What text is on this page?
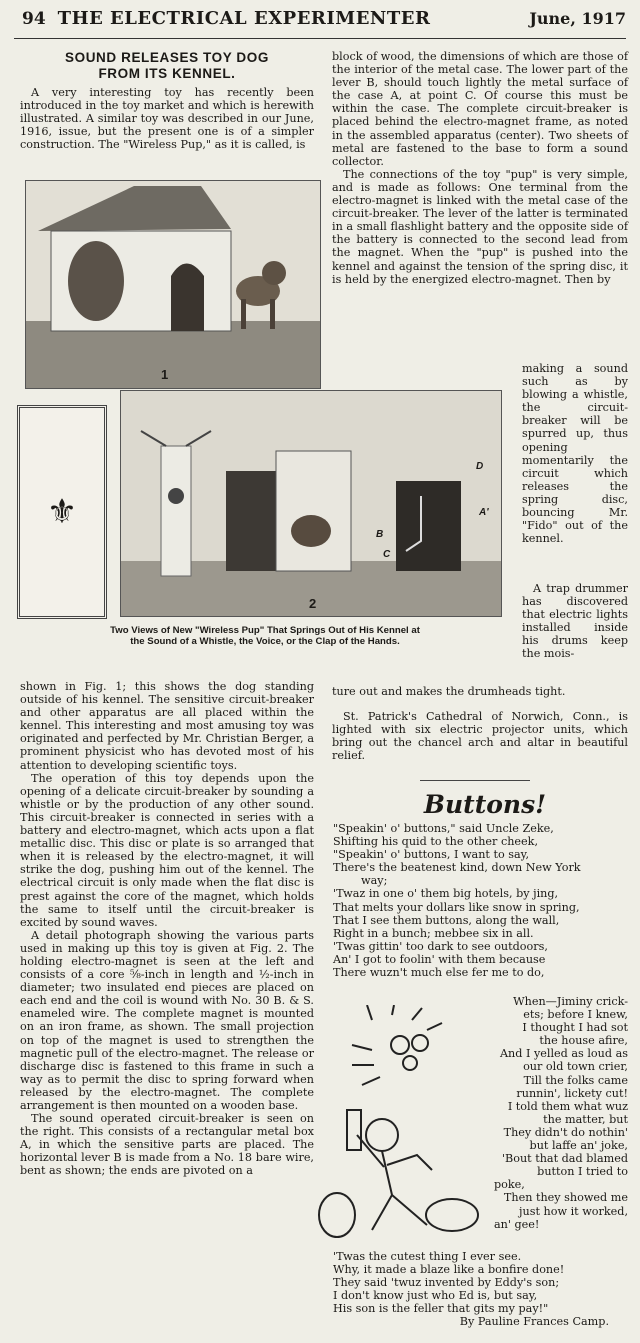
94 THE ELECTRICAL EXPERIMENTER	June, 1917
SOUND RELEASES TOY DOG
FROM ITS KENNEL.

A very interesting toy has recently been introduced in the toy market and which is herewith illustrated. A similar toy was described in our June, 1916, issue, but the present one is of a simpler construction. The "Wireless Pup," as it is called, is

block of wood, the dimensions of which are those of the interior of the metal case. The lower part of the lever B, should touch lightly the metal surface of the case A, at point C. Of course this must be within the case. The complete circuit-breaker is placed behind the electro-magnet frame, as noted in the assembled apparatus (center). Two sheets of metal are fastened to the base to form a sound collector.

The connections of the toy "pup" is very simple, and is made as follows: One terminal from the electro-magnet is linked with the metal case of the circuit-breaker. The lever of the latter is terminated in a small flashlight battery and the opposite side of the battery is connected to the second lead from the magnet. When the "pup" is pushed into the kennel and against the tension of the spring disc, it is held by the energized electro-magnet. Then by

making a sound such as by blowing a whistle, the circuit-breaker will be spurred up, thus opening momentarily the circuit which releases the spring disc, bouncing Mr. "Fido" out of the kennel.

A trap drummer has discovered that electric lights installed inside his drums keep the mois-

1
⚜
D
A'
B
C
2
Two Views of New "Wireless Pup" That Springs Out of His Kennel at the Sound of a Whistle, the Voice, or the Clap of the Hands.

shown in Fig. 1; this shows the dog standing outside of his kennel. The sensitive circuit-breaker and other apparatus are all placed within the kennel. This interesting and most amusing toy was originated and perfected by Mr. Christian Berger, a prominent physicist who has devoted most of his attention to developing scientific toys.

The operation of this toy depends upon the opening of a delicate circuit-breaker by sounding a whistle or by the production of any other sound. This circuit-breaker is connected in series with a battery and electro-magnet, which acts upon a flat metallic disc. This disc or plate is so arranged that when it is released by the electro-magnet, it will strike the dog, pushing him out of the kennel. The electrical circuit is only made when the flat disc is prest against the core of the magnet, which holds the same to itself until the circuit-breaker is excited by sound waves.

A detail photograph showing the various parts used in making up this toy is given at Fig. 2. The holding electro-magnet is seen at the left and consists of a core ⅝-inch in length and ½-inch in diameter; two insulated end pieces are placed on each end and the coil is wound with No. 30 B. & S. enameled wire. The complete magnet is mounted on an iron frame, as shown. The small projection on top of the magnet is used to strengthen the magnetic pull of the electro-magnet. The release or discharge disc is fastened to this frame in such a way as to permit the disc to spring forward when released by the electro-magnet. The complete arrangement is then mounted on a wooden base.

The sound operated circuit-breaker is seen on the right. This consists of a rectangular metal box A, in which the sensitive parts are placed. The horizontal lever B is made from a No. 18 bare wire, bent as shown; the ends are pivoted on a

ture out and makes the drumheads tight.

St. Patrick's Cathedral of Norwich, Conn., is lighted with six electric projector units, which bring out the chancel arch and altar in beautiful relief.

Buttons!
"Speakin' o' buttons," said Uncle Zeke,
Shifting his quid to the other cheek,
"Speakin' o' buttons, I want to say,
There's the beatenest kind, down New York
way;
'Twaz in one o' them big hotels, by jing,
That melts your dollars like snow in spring,
That I see them buttons, along the wall,
Right in a bunch; mebbee six in all.
'Twas gittin' too dark to see outdoors,
An' I got to foolin' with them because
There wuzn't much else fer me to do,
When—Jiminy crick-
ets; before I knew,
I thought I had sot
the house afire,
And I yelled as loud as
our old town crier,
Till the folks came
runnin', lickety cut!
I told them what wuz
the matter, but
They didn't do nothin'
but laffe an' joke,
'Bout that dad blamed
button I tried to
poke,
Then they showed me
just how it worked,
an' gee!
'Twas the cutest thing I ever see.
Why, it made a blaze like a bonfire done!
They said 'twuz invented by Eddy's son;
I don't know just who Ed is, but say,
His son is the feller that gits my pay!"
By Pauline Frances Camp.
